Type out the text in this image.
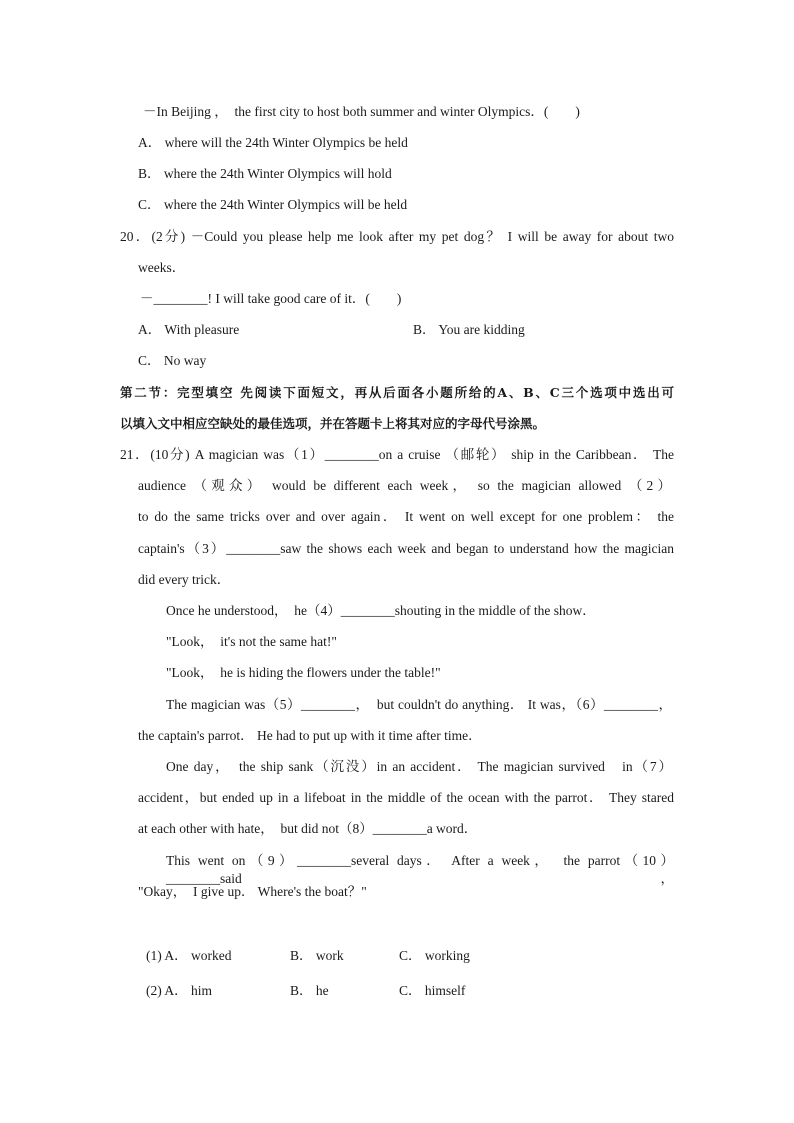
－In Beijing ，　the first city to host both summer and winter Olympics．(　　)
A． where will the 24th Winter Olympics be held
B． where the 24th Winter Olympics will hold
C． where the 24th Winter Olympics will be held
20．(2分) －Could you please help me look after my pet dog？ I will be away for about two
weeks．
－________! I will take good care of it．(　　)
A． With pleasure	B． You are kidding
C． No way
第二节：完型填空 先阅读下面短文，再从后面各小题所给的A、B、C三个选项中选出可
以填入文中相应空缺处的最佳选项，并在答题卡上将其对应的字母代号涂黑。
21．(10分) A magician was（1）________on a cruise （邮轮） ship in the Caribbean． The
audience （观众） would be different each week， so the magician allowed （2）
to do the same tricks over and over again． It went on well except for one problem： the
captain's（3）________saw the shows each week and began to understand how the magician
did every trick．
Once he understood，　he（4）________shouting in the middle of the show．
"Look，　it's not the same hat!"
"Look，　he is hiding the flowers under the table!"
The magician was（5）________，　but couldn't do anything． It was，（6）________，
the captain's parrot． He had to put up with it time after time．
One day，　the ship sank（沉没）in an accident． The magician survived　in（7）
accident，but ended up in a lifeboat in the middle of the ocean with the parrot． They stared
at each other with hate，　but did not（8）________a word．
This went on（9）________several days． After a week，　the parrot（10）________said，
"Okay，　I give up． Where's the boat？"
(1) A． worked	B． work	C． working
(2) A． him	B． he	C． himself
